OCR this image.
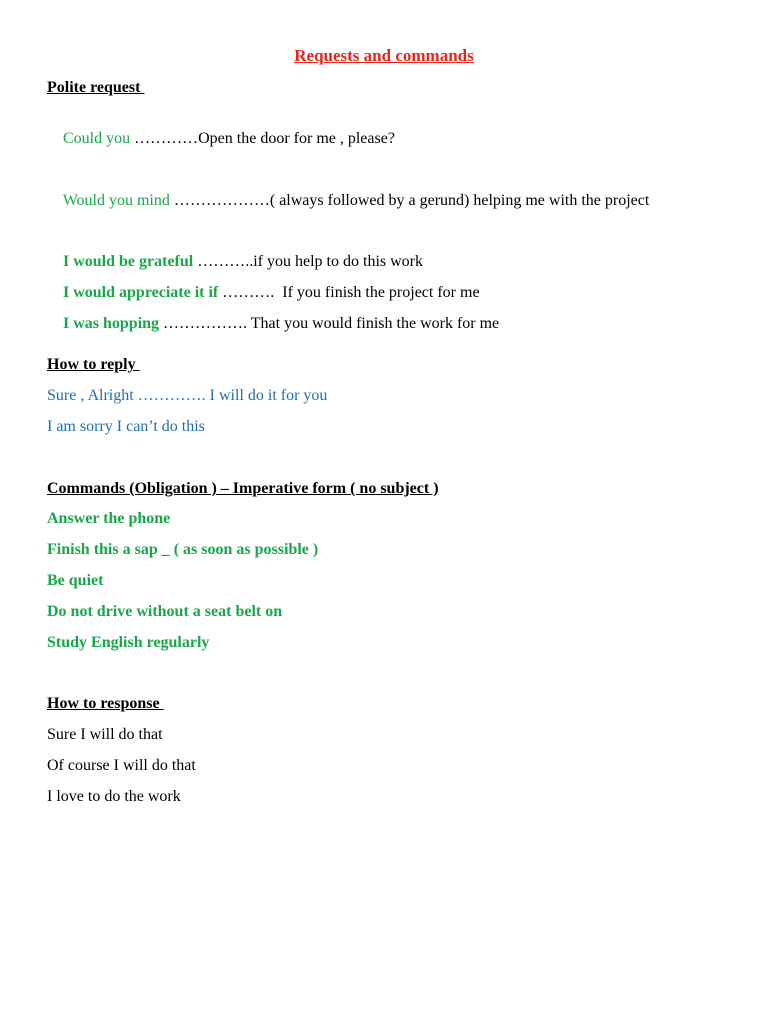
Requests and commands
Polite request

Could you …………Open the door for me , please?

Would you mind ………………( always followed by a gerund) helping me with the project

I would be grateful ………..if you help to do this work

I would appreciate it if ……….  If you finish the project for me

I was hopping ……………. That you would finish the work for me

How to reply
Sure , Alright …………. I will do it for you
I am sorry I can’t do this
Commands (Obligation ) – Imperative form ( no subject )
Answer the phone
Finish this a sap _ ( as soon as possible )
Be quiet
Do not drive without a seat belt on
Study English regularly
How to response
Sure I will do that
Of course I will do that
I love to do the work
